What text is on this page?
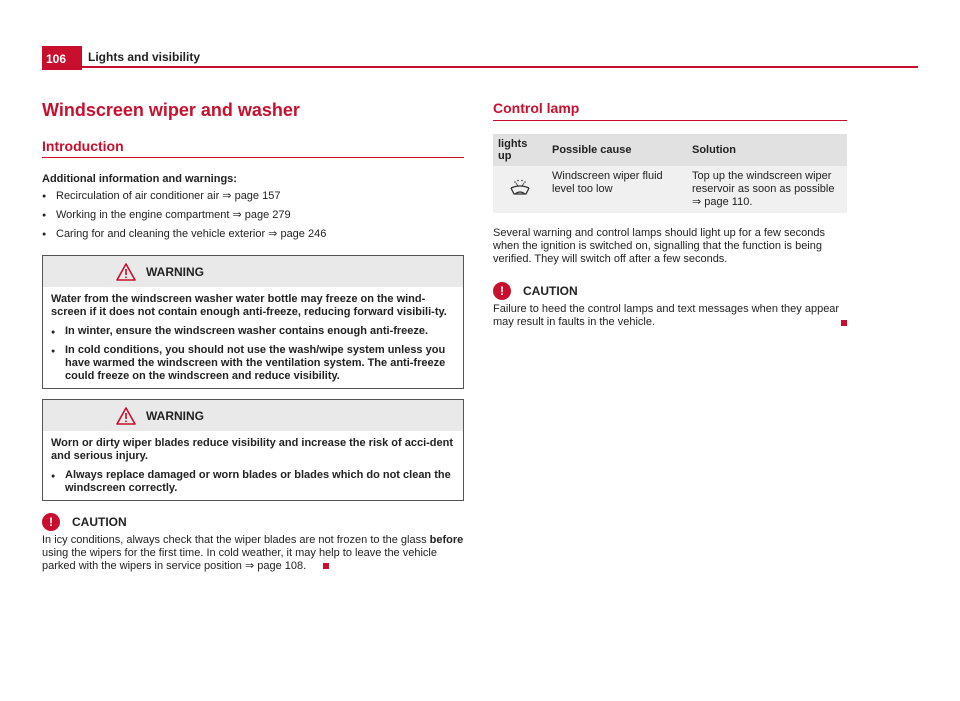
106	Lights and visibility
Windscreen wiper and washer
Introduction
Additional information and warnings:
● Recirculation of air conditioner air ⇒ page 157
● Working in the engine compartment ⇒ page 279
● Caring for and cleaning the vehicle exterior ⇒ page 246
WARNING

Water from the windscreen washer water bottle may freeze on the wind-screen if it does not contain enough anti-freeze, reducing forward visibili-ty.

● In winter, ensure the windscreen washer contains enough anti-freeze.
● In cold conditions, you should not use the wash/wipe system unless you have warmed the windscreen with the ventilation system. The anti-freeze could freeze on the windscreen and reduce visibility.
WARNING

Worn or dirty wiper blades reduce visibility and increase the risk of acci-dent and serious injury.

● Always replace damaged or worn blades or blades which do not clean the windscreen correctly.
!	CAUTION
In icy conditions, always check that the wiper blades are not frozen to the glass before using the wipers for the first time. In cold weather, it may help to leave the vehicle parked with the wipers in service position ⇒ page 108.
Control lamp
lights up	Possible cause	Solution
	Windscreen wiper fluid level too low	Top up the windscreen wiper reservoir as soon as possible ⇒ page 110.

Several warning and control lamps should light up for a few seconds when the ignition is switched on, signalling that the function is being verified. They will switch off after a few seconds.

!	CAUTION
Failure to heed the control lamps and text messages when they appear may result in faults in the vehicle.
